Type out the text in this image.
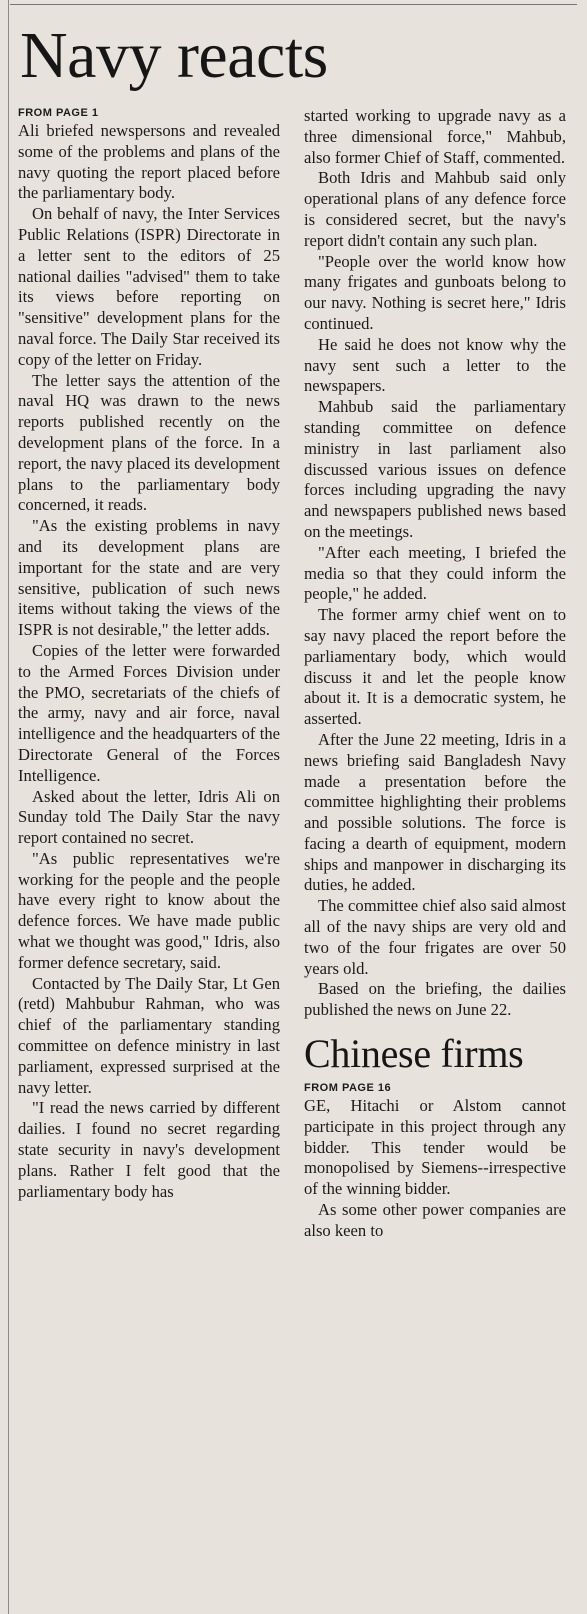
Navy reacts
FROM PAGE 1

Ali briefed newspersons and revealed some of the problems and plans of the navy quoting the report placed before the parliamentary body.

On behalf of navy, the Inter Services Public Relations (ISPR) Directorate in a letter sent to the editors of 25 national dailies "advised" them to take its views before reporting on "sensitive" development plans for the naval force. The Daily Star received its copy of the letter on Friday.

The letter says the attention of the naval HQ was drawn to the news reports published recently on the development plans of the force. In a report, the navy placed its development plans to the parliamentary body concerned, it reads.

"As the existing problems in navy and its development plans are important for the state and are very sensitive, publication of such news items without taking the views of the ISPR is not desirable," the letter adds.

Copies of the letter were forwarded to the Armed Forces Division under the PMO, secretariats of the chiefs of the army, navy and air force, naval intelligence and the headquarters of the Directorate General of the Forces Intelligence.

Asked about the letter, Idris Ali on Sunday told The Daily Star the navy report contained no secret.

"As public representatives we're working for the people and the people have every right to know about the defence forces. We have made public what we thought was good," Idris, also former defence secretary, said.

Contacted by The Daily Star, Lt Gen (retd) Mahbubur Rahman, who was chief of the parliamentary standing committee on defence ministry in last parliament, expressed surprised at the navy letter.

"I read the news carried by different dailies. I found no secret regarding state security in navy's development plans. Rather I felt good that the parliamentary body has

started working to upgrade navy as a three dimensional force," Mahbub, also former Chief of Staff, commented.

Both Idris and Mahbub said only operational plans of any defence force is considered secret, but the navy's report didn't contain any such plan.

"People over the world know how many frigates and gunboats belong to our navy. Nothing is secret here," Idris continued.

He said he does not know why the navy sent such a letter to the newspapers.

Mahbub said the parliamentary standing committee on defence ministry in last parliament also discussed various issues on defence forces including upgrading the navy and newspapers published news based on the meetings.

"After each meeting, I briefed the media so that they could inform the people," he added.

The former army chief went on to say navy placed the report before the parliamentary body, which would discuss it and let the people know about it. It is a democratic system, he asserted.

After the June 22 meeting, Idris in a news briefing said Bangladesh Navy made a presentation before the committee highlighting their problems and possible solutions. The force is facing a dearth of equipment, modern ships and manpower in discharging its duties, he added.

The committee chief also said almost all of the navy ships are very old and two of the four frigates are over 50 years old.

Based on the briefing, the dailies published the news on June 22.

Chinese firms
FROM PAGE 16

GE, Hitachi or Alstom cannot participate in this project through any bidder. This tender would be monopolised by Siemens--irrespective of the winning bidder.

As some other power companies are also keen to
